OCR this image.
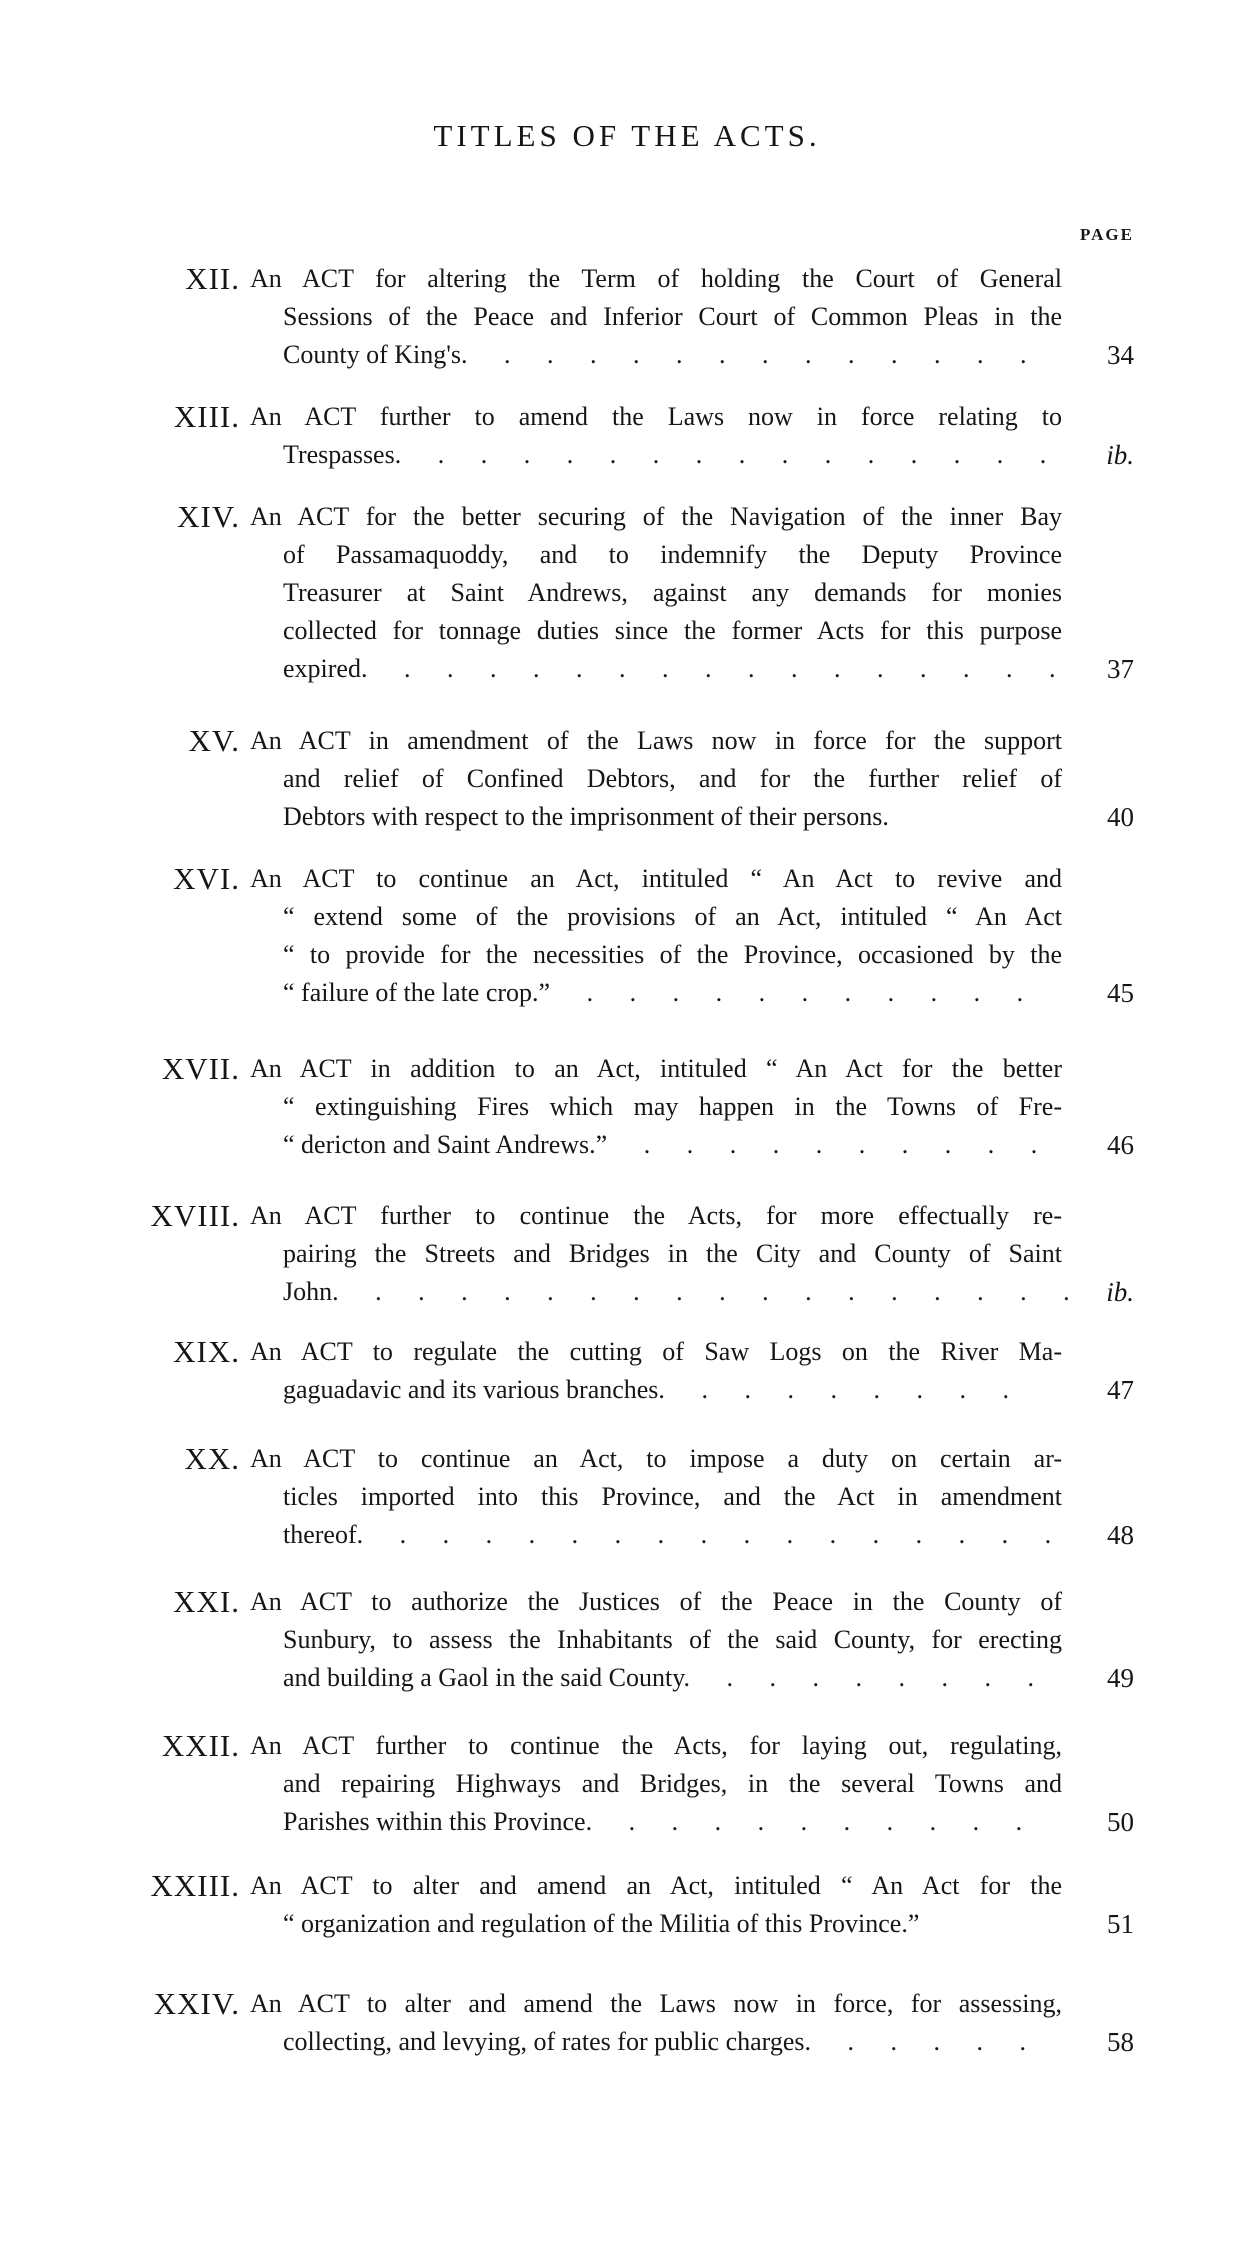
TITLES OF THE ACTS.
PAGE
XII. An ACT for altering the Term of holding the Court of General
Sessions of the Peace and Inferior Court of Common Pleas in the
County of King's. . . . . . . . . . . . . .	34
XIII. An ACT further to amend the Laws now in force relating to
Trespasses. . . . . . . . . . . . . . . .	ib.
XIV. An ACT for the better securing of the Navigation of the inner Bay
of Passamaquoddy, and to indemnify the Deputy Province
Treasurer at Saint Andrews, against any demands for monies
collected for tonnage duties since the former Acts for this purpose
expired. . . . . . . . . . . . . . . . .	37
XV. An ACT in amendment of the Laws now in force for the support
and relief of Confined Debtors, and for the further relief of
Debtors with respect to the imprisonment of their persons.	40
XVI. An ACT to continue an Act, intituled “ An Act to revive and
“ extend some of the provisions of an Act, intituled “ An Act
“ to provide for the necessities of the Province, occasioned by the
“ failure of the late crop.” . . . . . . . . . . .	45
XVII. An ACT in addition to an Act, intituled “ An Act for the better
“ extinguishing Fires which may happen in the Towns of Fre-
“ dericton and Saint Andrews.” . . . . . . . . . .	46
XVIII. An ACT further to continue the Acts, for more effectually re-
pairing the Streets and Bridges in the City and County of Saint
John. . . . . . . . . . . . . . . . . .	ib.
XIX. An ACT to regulate the cutting of Saw Logs on the River Ma-
gaguadavic and its various branches. . . . . . . . .	47
XX. An ACT to continue an Act, to impose a duty on certain ar-
ticles imported into this Province, and the Act in amendment
thereof. . . . . . . . . . . . . . . . .	48
XXI. An ACT to authorize the Justices of the Peace in the County of
Sunbury, to assess the Inhabitants of the said County, for erecting
and building a Gaol in the said County. . . . . . . . .	49
XXII. An ACT further to continue the Acts, for laying out, regulating,
and repairing Highways and Bridges, in the several Towns and
Parishes within this Province. . . . . . . . . . .	50
XXIII. An ACT to alter and amend an Act, intituled “ An Act for the
“ organization and regulation of the Militia of this Province.”	51
XXIV. An ACT to alter and amend the Laws now in force, for assessing,
collecting, and levying, of rates for public charges. . . . . .	58
